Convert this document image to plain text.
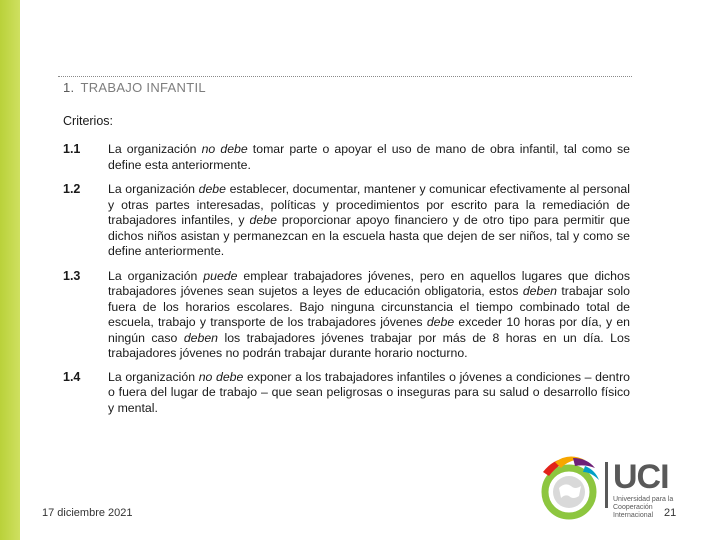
1. TRABAJO INFANTIL
Criterios:
1.1	La organización no debe tomar parte o apoyar el uso de mano de obra infantil, tal como se define esta anteriormente.
1.2	La organización debe establecer, documentar, mantener y comunicar efectivamente al personal y otras partes interesadas, políticas y procedimientos por escrito para la remediación de trabajadores infantiles, y debe proporcionar apoyo financiero y de otro tipo para permitir que dichos niños asistan y permanezcan en la escuela hasta que dejen de ser niños, tal y como se define anteriormente.
1.3	La organización puede emplear trabajadores jóvenes, pero en aquellos lugares que dichos trabajadores jóvenes sean sujetos a leyes de educación obligatoria, estos deben trabajar solo fuera de los horarios escolares. Bajo ninguna circunstancia el tiempo combinado total de escuela, trabajo y transporte de los trabajadores jóvenes debe exceder 10 horas por día, y en ningún caso deben los trabajadores jóvenes trabajar por más de 8 horas en un día. Los trabajadores jóvenes no podrán trabajar durante horario nocturno.
1.4	La organización no debe exponer a los trabajadores infantiles o jóvenes a condiciones – dentro o fuera del lugar de trabajo – que sean peligrosas o inseguras para su salud o desarrollo físico y mental.
UCI
Universidad para la Cooperación Internacional
17 diciembre 2021	21
